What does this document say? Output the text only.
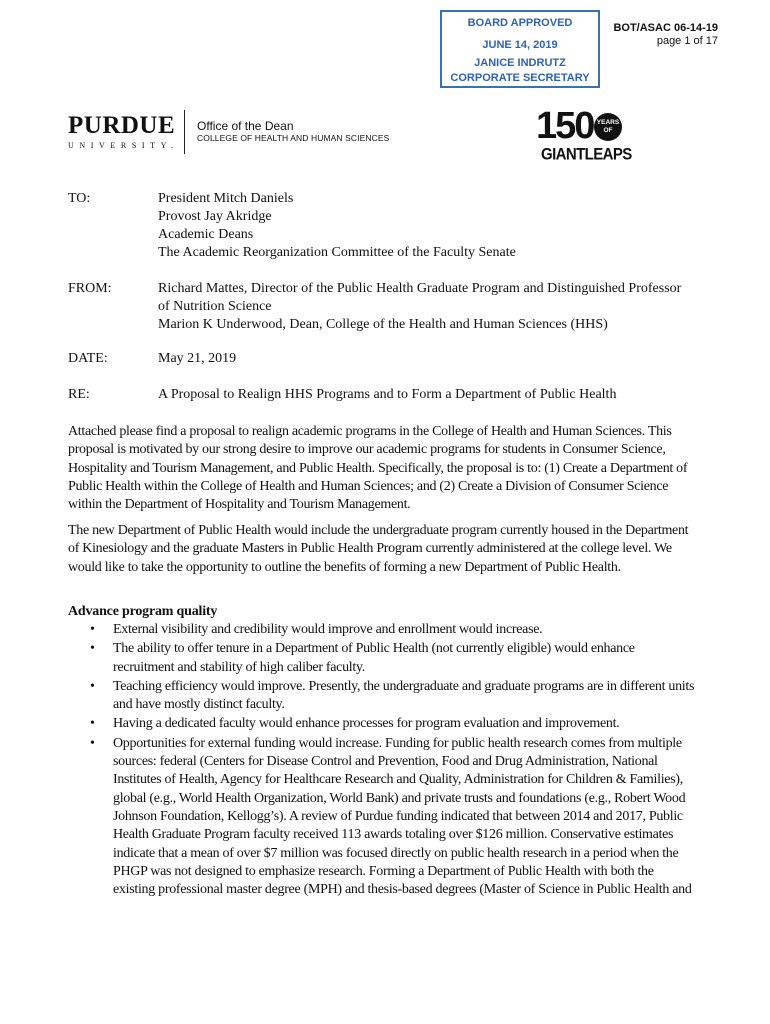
BOARD APPROVED
JUNE 14, 2019
JANICE INDRUTZ
CORPORATE SECRETARY
BOT/ASAC 06-14-19
page 1 of 17
PURDUE
UNIVERSITY.
Office of the Dean
COLLEGE OF HEALTH AND HUMAN SCIENCES	150 YEARS OF
GIANTLEAPS
TO:	President Mitch Daniels
Provost Jay Akridge
Academic Deans
The Academic Reorganization Committee of the Faculty Senate
FROM:	Richard Mattes, Director of the Public Health Graduate Program and Distinguished Professor
of Nutrition Science
Marion K Underwood, Dean, College of the Health and Human Sciences (HHS)
DATE:	May 21, 2019
RE:	A Proposal to Realign HHS Programs and to Form a Department of Public Health

Attached please find a proposal to realign academic programs in the College of Health and Human Sciences. This proposal is motivated by our strong desire to improve our academic programs for students in Consumer Science, Hospitality and Tourism Management, and Public Health. Specifically, the proposal is to: (1) Create a Department of Public Health within the College of Health and Human Sciences; and (2) Create a Division of Consumer Science within the Department of Hospitality and Tourism Management.

The new Department of Public Health would include the undergraduate program currently housed in the Department of Kinesiology and the graduate Masters in Public Health Program currently administered at the college level. We would like to take the opportunity to outline the benefits of forming a new Department of Public Health.

Advance program quality
• External visibility and credibility would improve and enrollment would increase.
• The ability to offer tenure in a Department of Public Health (not currently eligible) would enhance recruitment and stability of high caliber faculty.
• Teaching efficiency would improve. Presently, the undergraduate and graduate programs are in different units and have mostly distinct faculty.
• Having a dedicated faculty would enhance processes for program evaluation and improvement.
• Opportunities for external funding would increase. Funding for public health research comes from multiple sources: federal (Centers for Disease Control and Prevention, Food and Drug Administration, National Institutes of Health, Agency for Healthcare Research and Quality, Administration for Children & Families), global (e.g., World Health Organization, World Bank) and private trusts and foundations (e.g., Robert Wood Johnson Foundation, Kellogg’s). A review of Purdue funding indicated that between 2014 and 2017, Public Health Graduate Program faculty received 113 awards totaling over $126 million. Conservative estimates indicate that a mean of over $7 million was focused directly on public health research in a period when the PHGP was not designed to emphasize research. Forming a Department of Public Health with both the existing professional master degree (MPH) and thesis-based degrees (Master of Science in Public Health and
